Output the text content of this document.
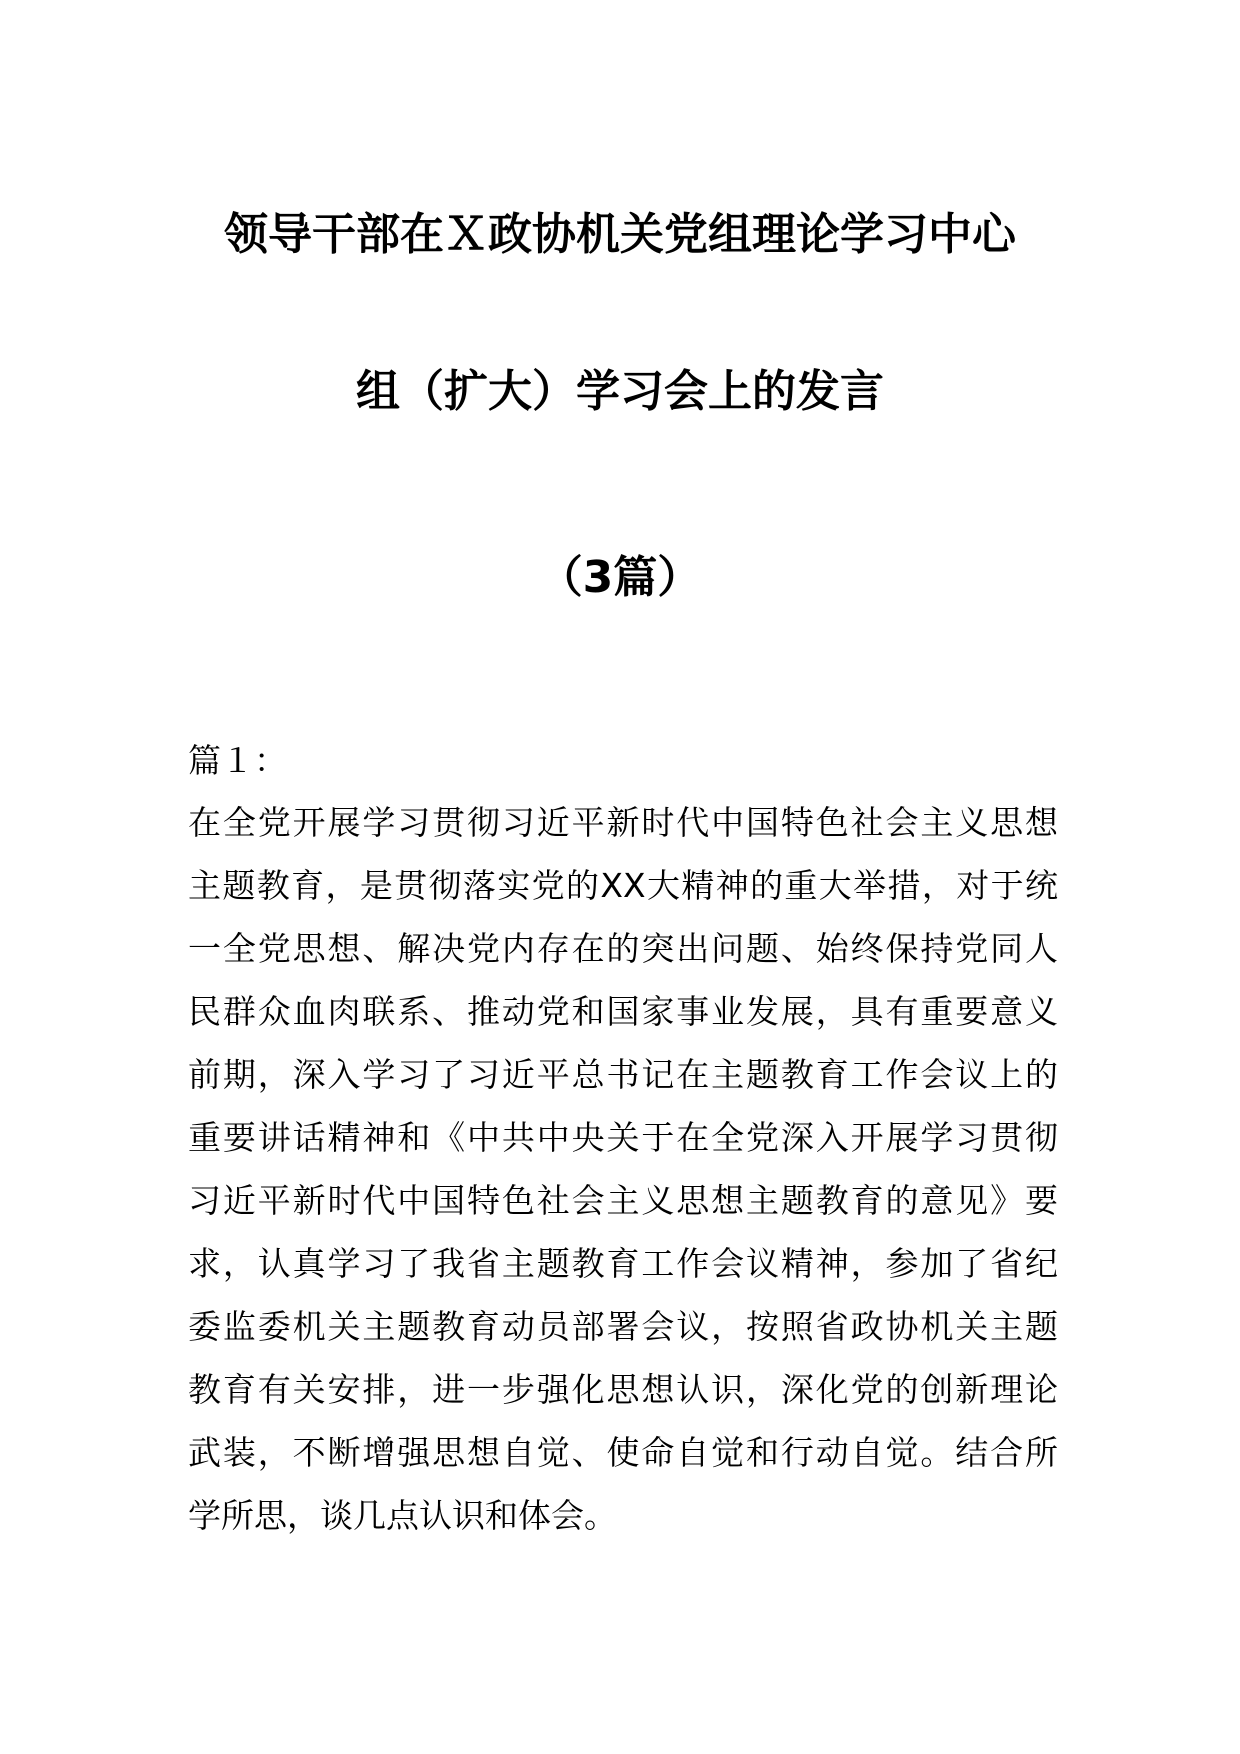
领导干部在Ｘ政协机关党组理论学习中心
组（扩大）学习会上的发言
（3篇）
篇１：
在全党开展学习贯彻习近平新时代中国特色社会主义思想
主题教育，是贯彻落实党的XX大精神的重大举措，对于统
一全党思想、解决党内存在的突出问题、始终保持党同人
民群众血肉联系、推动党和国家事业发展，具有重要意义
前期，深入学习了习近平总书记在主题教育工作会议上的
重要讲话精神和《中共中央关于在全党深入开展学习贯彻
习近平新时代中国特色社会主义思想主题教育的意见》要
求，认真学习了我省主题教育工作会议精神，参加了省纪
委监委机关主题教育动员部署会议，按照省政协机关主题
教育有关安排，进一步强化思想认识，深化党的创新理论
武装，不断增强思想自觉、使命自觉和行动自觉。结合所
学所思，谈几点认识和体会。
